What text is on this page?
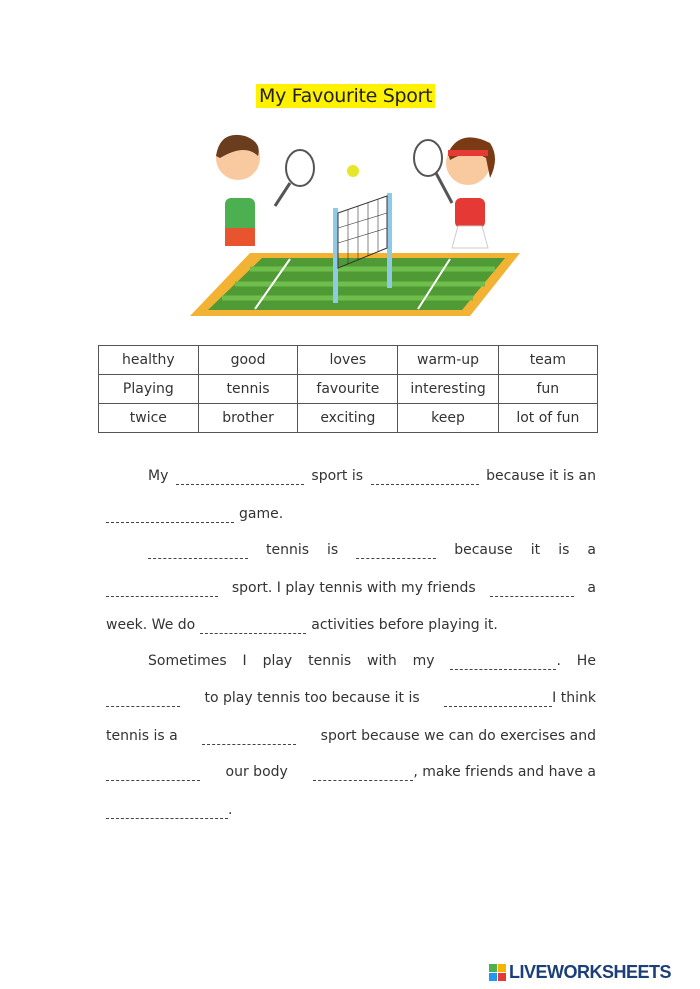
My Favourite Sport
healthy	good	loves	warm-up	team
Playing	tennis	favourite	interesting	fun
twice	brother	exciting	keep	lot of fun
My	sport is	because it is an
game.
tennis is	because it is a
sport. I play tennis with my friends	a
week. We do	activities before playing it.
Sometimes I play tennis with my	. He
to play tennis too because it is	I think
tennis is a	sport because we can do exercises and
our body	, make friends and have a
.
LIVEWORKSHEETS
